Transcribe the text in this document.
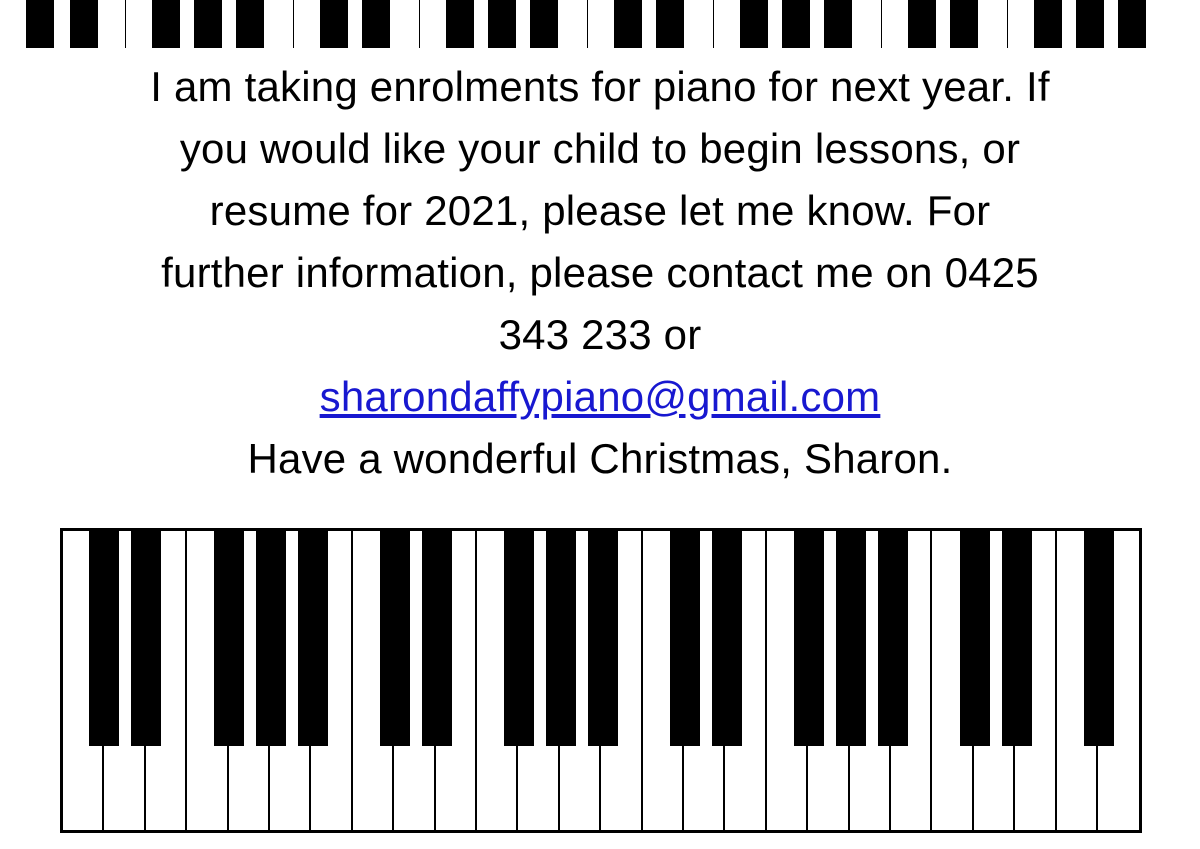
I am taking enrolments for piano for next year. If you would like your child to begin lessons, or resume for 2021, please let me know. For further information, please contact me on 0425 343 233 or

sharondaffypiano@gmail.com

Have a wonderful Christmas, Sharon.
